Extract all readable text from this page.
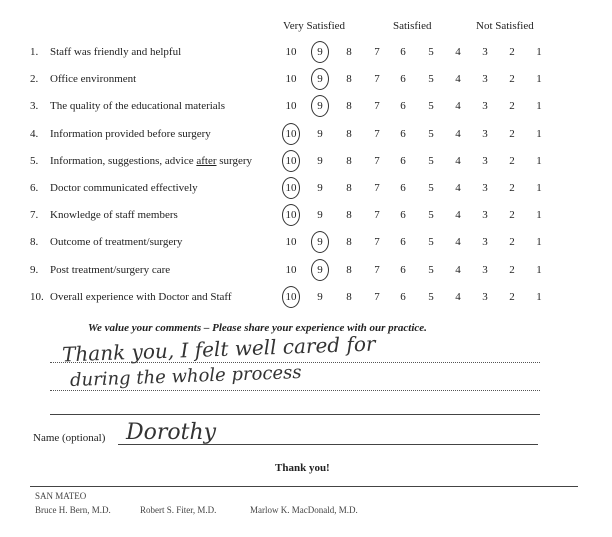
Very Satisfied	Satisfied	Not Satisfied
1. Staff was friendly and helpful	10	9	8	7	6	5	4	3	2	1
2. Office environment	10	9	8	7	6	5	4	3	2	1
3. The quality of the educational materials	10	9	8	7	6	5	4	3	2	1
4. Information provided before surgery	10	9	8	7	6	5	4	3	2	1
5. Information, suggestions, advice after surgery	10	9	8	7	6	5	4	3	2	1
6. Doctor communicated effectively	10	9	8	7	6	5	4	3	2	1
7. Knowledge of staff members	10	9	8	7	6	5	4	3	2	1
8. Outcome of treatment/surgery	10	9	8	7	6	5	4	3	2	1
9. Post treatment/surgery care	10	9	8	7	6	5	4	3	2	1
10. Overall experience with Doctor and Staff	10	9	8	7	6	5	4	3	2	1
We value your comments – Please share your experience with our practice.
Thank you, I felt well cared for
during the whole process
Name (optional) Dorothy
Thank you!
SAN MATEO
Bruce H. Bern, M.D.	Robert S. Fiter, M.D.	Marlow K. MacDonald, M.D.
